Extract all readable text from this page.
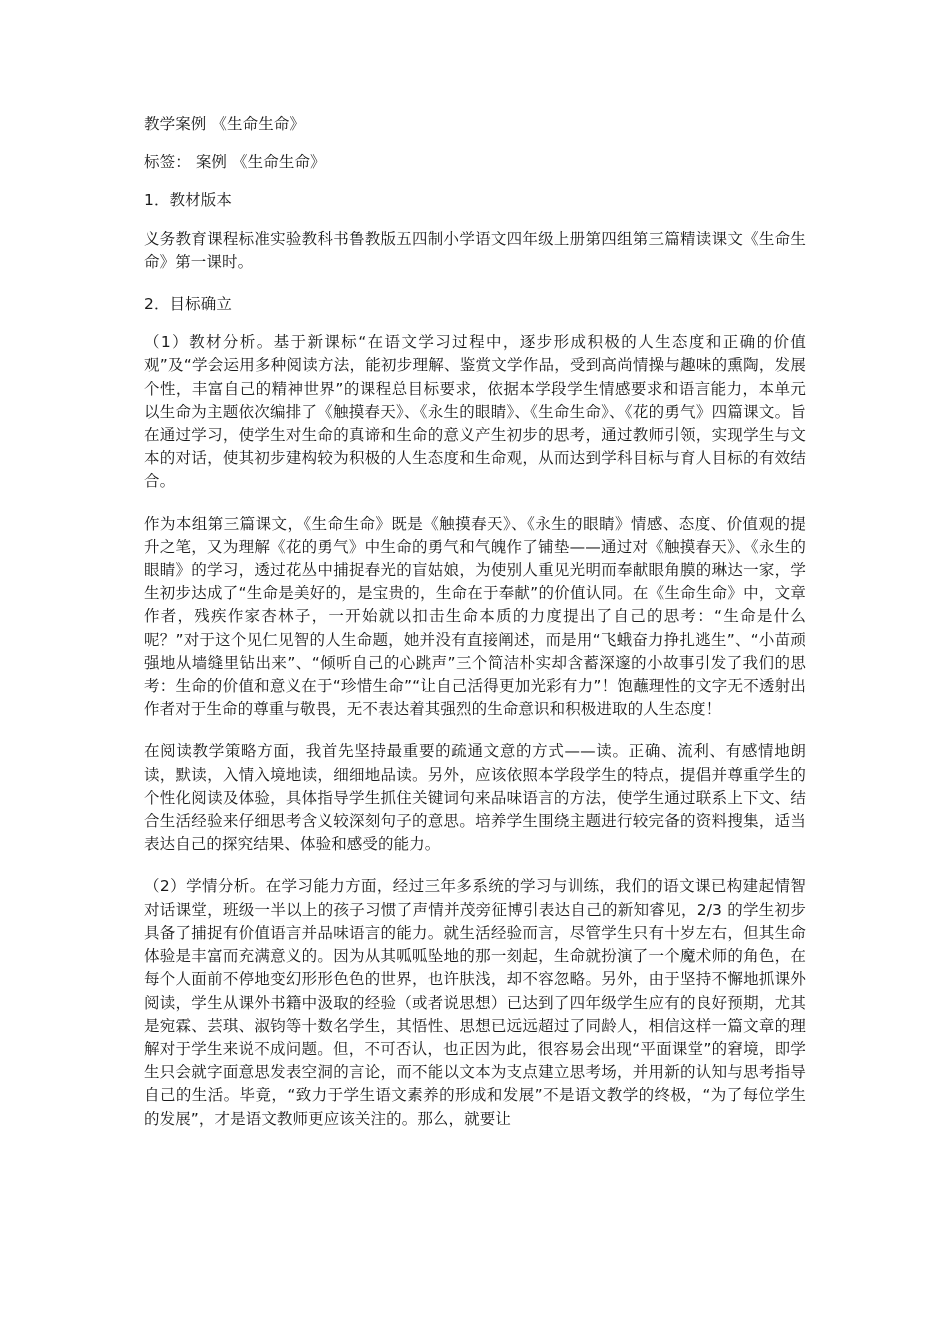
教学案例 《生命生命》

标签： 案例 《生命生命》

1．教材版本

义务教育课程标准实验教科书鲁教版五四制小学语文四年级上册第四组第三篇精读课文《生命生命》第一课时。

2．目标确立

（1）教材分析。基于新课标“在语文学习过程中，逐步形成积极的人生态度和正确的价值观”及“学会运用多种阅读方法，能初步理解、鉴赏文学作品，受到高尚情操与趣味的熏陶，发展个性，丰富自己的精神世界”的课程总目标要求，依据本学段学生情感要求和语言能力，本单元以生命为主题依次编排了《触摸春天》、《永生的眼睛》、《生命生命》、《花的勇气》四篇课文。旨在通过学习，使学生对生命的真谛和生命的意义产生初步的思考，通过教师引领，实现学生与文本的对话，使其初步建构较为积极的人生态度和生命观，从而达到学科目标与育人目标的有效结合。

作为本组第三篇课文，《生命生命》既是《触摸春天》、《永生的眼睛》情感、态度、价值观的提升之笔，又为理解《花的勇气》中生命的勇气和气魄作了铺垫——通过对《触摸春天》、《永生的眼睛》的学习，透过花丛中捕捉春光的盲姑娘，为使别人重见光明而奉献眼角膜的琳达一家，学生初步达成了“生命是美好的，是宝贵的，生命在于奉献”的价值认同。在《生命生命》中，文章作者，残疾作家杏林子，一开始就以扣击生命本质的力度提出了自己的思考：“生命是什么呢？”对于这个见仁见智的人生命题，她并没有直接阐述，而是用“飞蛾奋力挣扎逃生”、“小苗顽强地从墙缝里钻出来”、“倾听自己的心跳声”三个简洁朴实却含蓄深邃的小故事引发了我们的思考：生命的价值和意义在于“珍惜生命”“让自己活得更加光彩有力”！饱蘸理性的文字无不透射出作者对于生命的尊重与敬畏，无不表达着其强烈的生命意识和积极进取的人生态度！

在阅读教学策略方面，我首先坚持最重要的疏通文意的方式——读。正确、流利、有感情地朗读，默读，入情入境地读，细细地品读。另外，应该依照本学段学生的特点，提倡并尊重学生的个性化阅读及体验，具体指导学生抓住关键词句来品味语言的方法，使学生通过联系上下文、结合生活经验来仔细思考含义较深刻句子的意思。培养学生围绕主题进行较完备的资料搜集，适当表达自己的探究结果、体验和感受的能力。

（2）学情分析。在学习能力方面，经过三年多系统的学习与训练，我们的语文课已构建起情智对话课堂，班级一半以上的孩子习惯了声情并茂旁征博引表达自己的新知睿见，2/3 的学生初步具备了捕捉有价值语言并品味语言的能力。就生活经验而言，尽管学生只有十岁左右，但其生命体验是丰富而充满意义的。因为从其呱呱坠地的那一刻起，生命就扮演了一个魔术师的角色，在每个人面前不停地变幻形形色色的世界，也许肤浅，却不容忽略。另外，由于坚持不懈地抓课外阅读，学生从课外书籍中汲取的经验（或者说思想）已达到了四年级学生应有的良好预期，尤其是宛霖、芸琪、淑钧等十数名学生，其悟性、思想已远远超过了同龄人，相信这样一篇文章的理解对于学生来说不成问题。但，不可否认，也正因为此，很容易会出现“平面课堂”的窘境，即学生只会就字面意思发表空洞的言论，而不能以文本为支点建立思考场，并用新的认知与思考指导自己的生活。毕竟，“致力于学生语文素养的形成和发展”不是语文教学的终极，“为了每位学生的发展”，才是语文教师更应该关注的。那么，就要让
